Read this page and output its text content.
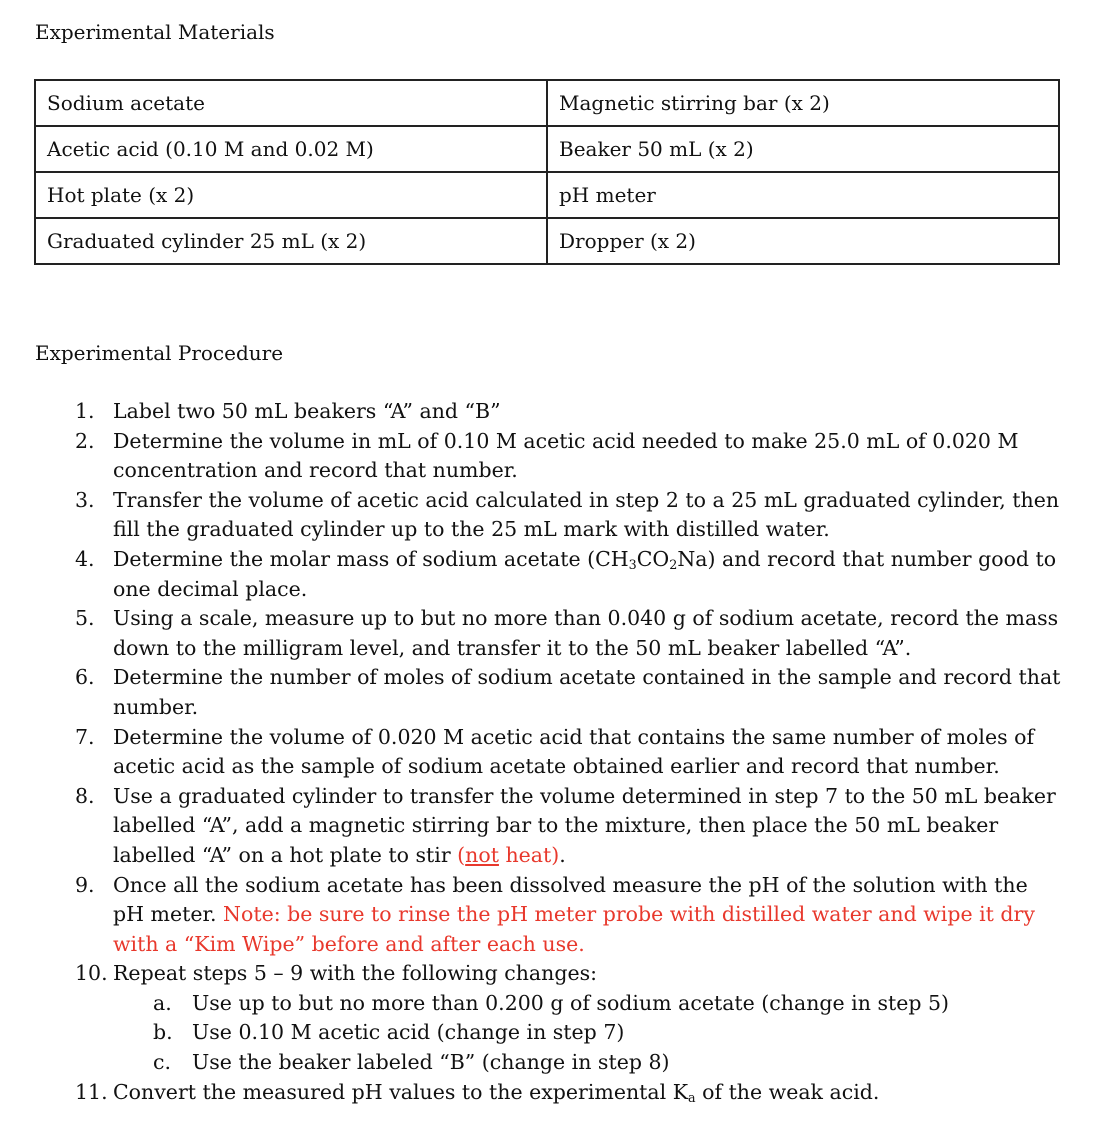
Experimental Materials
Sodium acetate	Magnetic stirring bar (x 2)
Acetic acid (0.10 M and 0.02 M)	Beaker 50 mL (x 2)
Hot plate (x 2)	pH meter
Graduated cylinder 25 mL (x 2)	Dropper (x 2)
Experimental Procedure
1. Label two 50 mL beakers “A” and “B”
2. Determine the volume in mL of 0.10 M acetic acid needed to make 25.0 mL of 0.020 M concentration and record that number.
3. Transfer the volume of acetic acid calculated in step 2 to a 25 mL graduated cylinder, then fill the graduated cylinder up to the 25 mL mark with distilled water.
4. Determine the molar mass of sodium acetate $(CH_3CO_2Na)$ and record that number good to one decimal place.
5. Using a scale, measure up to but no more than 0.040 g of sodium acetate, record the mass down to the milligram level, and transfer it to the 50 mL beaker labelled “A”.
6. Determine the number of moles of sodium acetate contained in the sample and record that number.
7. Determine the volume of 0.020 M acetic acid that contains the same number of moles of acetic acid as the sample of sodium acetate obtained earlier and record that number.
8. Use a graduated cylinder to transfer the volume determined in step 7 to the 50 mL beaker labelled “A”, add a magnetic stirring bar to the mixture, then place the 50 mL beaker labelled “A” on a hot plate to stir (not heat).
9. Once all the sodium acetate has been dissolved measure the pH of the solution with the pH meter. Note: be sure to rinse the pH meter probe with distilled water and wipe it dry with a “Kim Wipe” before and after each use.
10. Repeat steps 5 – 9 with the following changes:
a. Use up to but no more than 0.200 g of sodium acetate (change in step 5)
b. Use 0.10 M acetic acid (change in step 7)
c.	Use the beaker labeled “B” (change in step 8)
11. Convert the measured pH values to the experimental $K_a$ of the weak acid.
